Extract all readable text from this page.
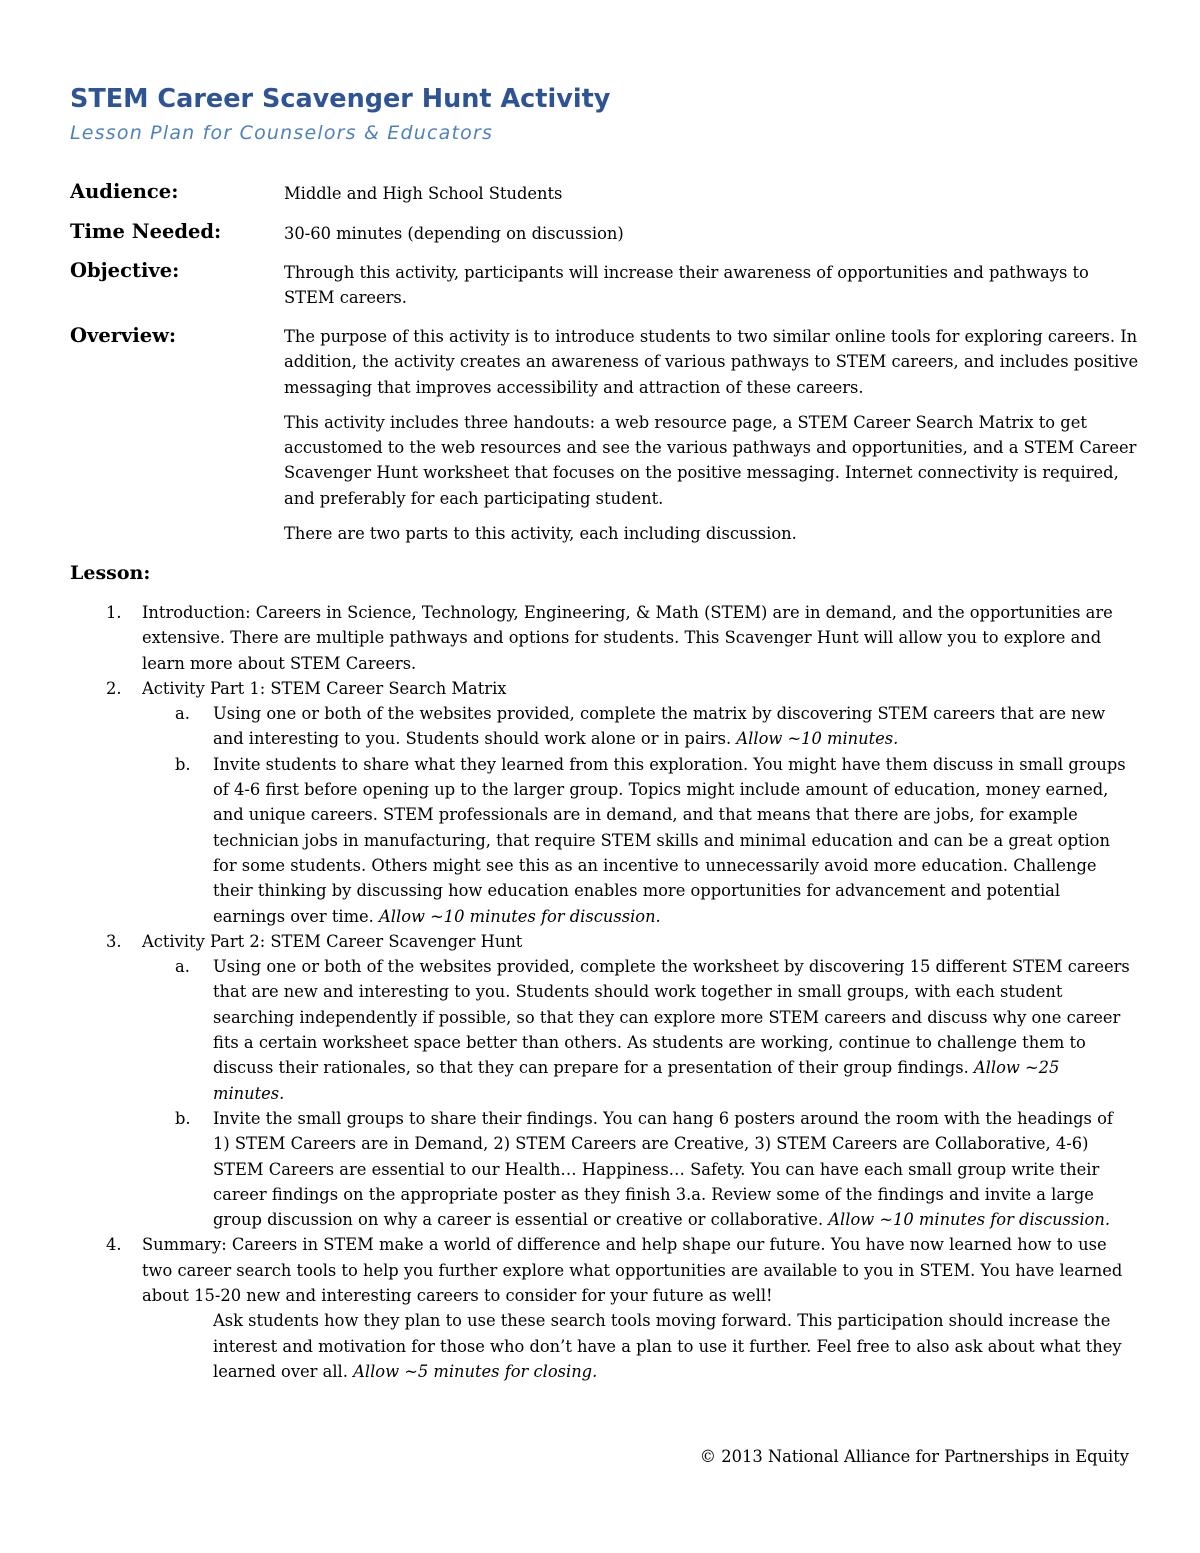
STEM Career Scavenger Hunt Activity
Lesson Plan for Counselors & Educators
Audience:	Middle and High School Students
Time Needed:	30-60 minutes (depending on discussion)
Objective:	Through this activity, participants will increase their awareness of opportunities and pathways to STEM careers.
Overview:	The purpose of this activity is to introduce students to two similar online tools for exploring careers. In addition, the activity creates an awareness of various pathways to STEM careers, and includes positive messaging that improves accessibility and attraction of these careers.

This activity includes three handouts: a web resource page, a STEM Career Search Matrix to get accustomed to the web resources and see the various pathways and opportunities, and a STEM Career Scavenger Hunt worksheet that focuses on the positive messaging. Internet connectivity is required, and preferably for each participating student.

There are two parts to this activity, each including discussion.

Lesson:
1. Introduction: Careers in Science, Technology, Engineering, & Math (STEM) are in demand, and the opportunities are extensive. There are multiple pathways and options for students. This Scavenger Hunt will allow you to explore and learn more about STEM Careers.
2. Activity Part 1: STEM Career Search Matrix
a. Using one or both of the websites provided, complete the matrix by discovering STEM careers that are new and interesting to you. Students should work alone or in pairs. Allow ~10 minutes.
b. Invite students to share what they learned from this exploration. You might have them discuss in small groups of 4-6 first before opening up to the larger group. Topics might include amount of education, money earned, and unique careers. STEM professionals are in demand, and that means that there are jobs, for example technician jobs in manufacturing, that require STEM skills and minimal education and can be a great option for some students. Others might see this as an incentive to unnecessarily avoid more education. Challenge their thinking by discussing how education enables more opportunities for advancement and potential earnings over time. Allow ~10 minutes for discussion.
3. Activity Part 2: STEM Career Scavenger Hunt
a. Using one or both of the websites provided, complete the worksheet by discovering 15 different STEM careers that are new and interesting to you. Students should work together in small groups, with each student searching independently if possible, so that they can explore more STEM careers and discuss why one career fits a certain worksheet space better than others. As students are working, continue to challenge them to discuss their rationales, so that they can prepare for a presentation of their group findings. Allow ~25 minutes.
b. Invite the small groups to share their findings. You can hang 6 posters around the room with the headings of 1) STEM Careers are in Demand, 2) STEM Careers are Creative, 3) STEM Careers are Collaborative, 4-6) STEM Careers are essential to our Health… Happiness… Safety. You can have each small group write their career findings on the appropriate poster as they finish 3.a. Review some of the findings and invite a large group discussion on why a career is essential or creative or collaborative. Allow ~10 minutes for discussion.
4. Summary: Careers in STEM make a world of difference and help shape our future. You have now learned how to use two career search tools to help you further explore what opportunities are available to you in STEM. You have learned about 15-20 new and interesting careers to consider for your future as well!
Ask students how they plan to use these search tools moving forward. This participation should increase the interest and motivation for those who don’t have a plan to use it further. Feel free to also ask about what they learned over all. Allow ~5 minutes for closing.
© 2013 National Alliance for Partnerships in Equity
